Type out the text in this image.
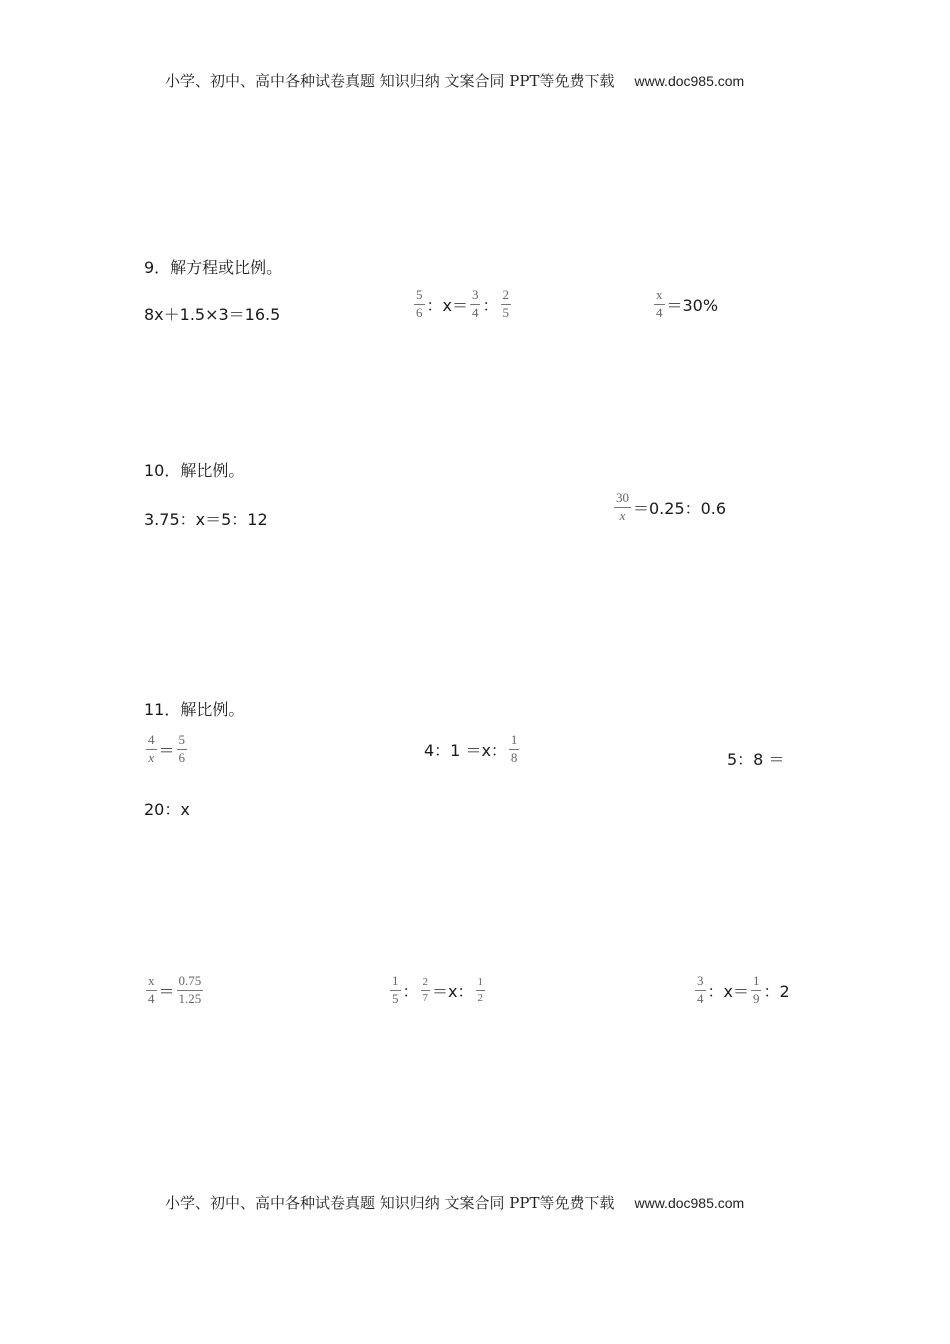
小学、初中、高中各种试卷真题 知识归纳 文案合同 PPT等免费下载 www.doc985.com
9．解方程或比例。
8x＋1.5×3＝16.5	$\frac{5}{6}$ ：$x= \frac{3}{4}$ ： $\frac{2}{5}$	$\frac{x}{4} =30\%$
10．解比例。
3.75：x＝5：12	$\frac{30}{x} =0.25$：0.6
11．解比例。
$\frac{4}{x} = \frac{5}{6}$	4：1 ＝x： $\frac{1}{8}$	5：8 ＝
20：x
$\frac{x}{4} = \frac{0.75}{1.25}$	$\frac{1}{5}$ ： $\frac{2}{7} =x$： $\frac{1}{2}$	$\frac{3}{4}$ ：$x= \frac{1}{9}$ ：2
小学、初中、高中各种试卷真题 知识归纳 文案合同 PPT等免费下载 www.doc985.com
